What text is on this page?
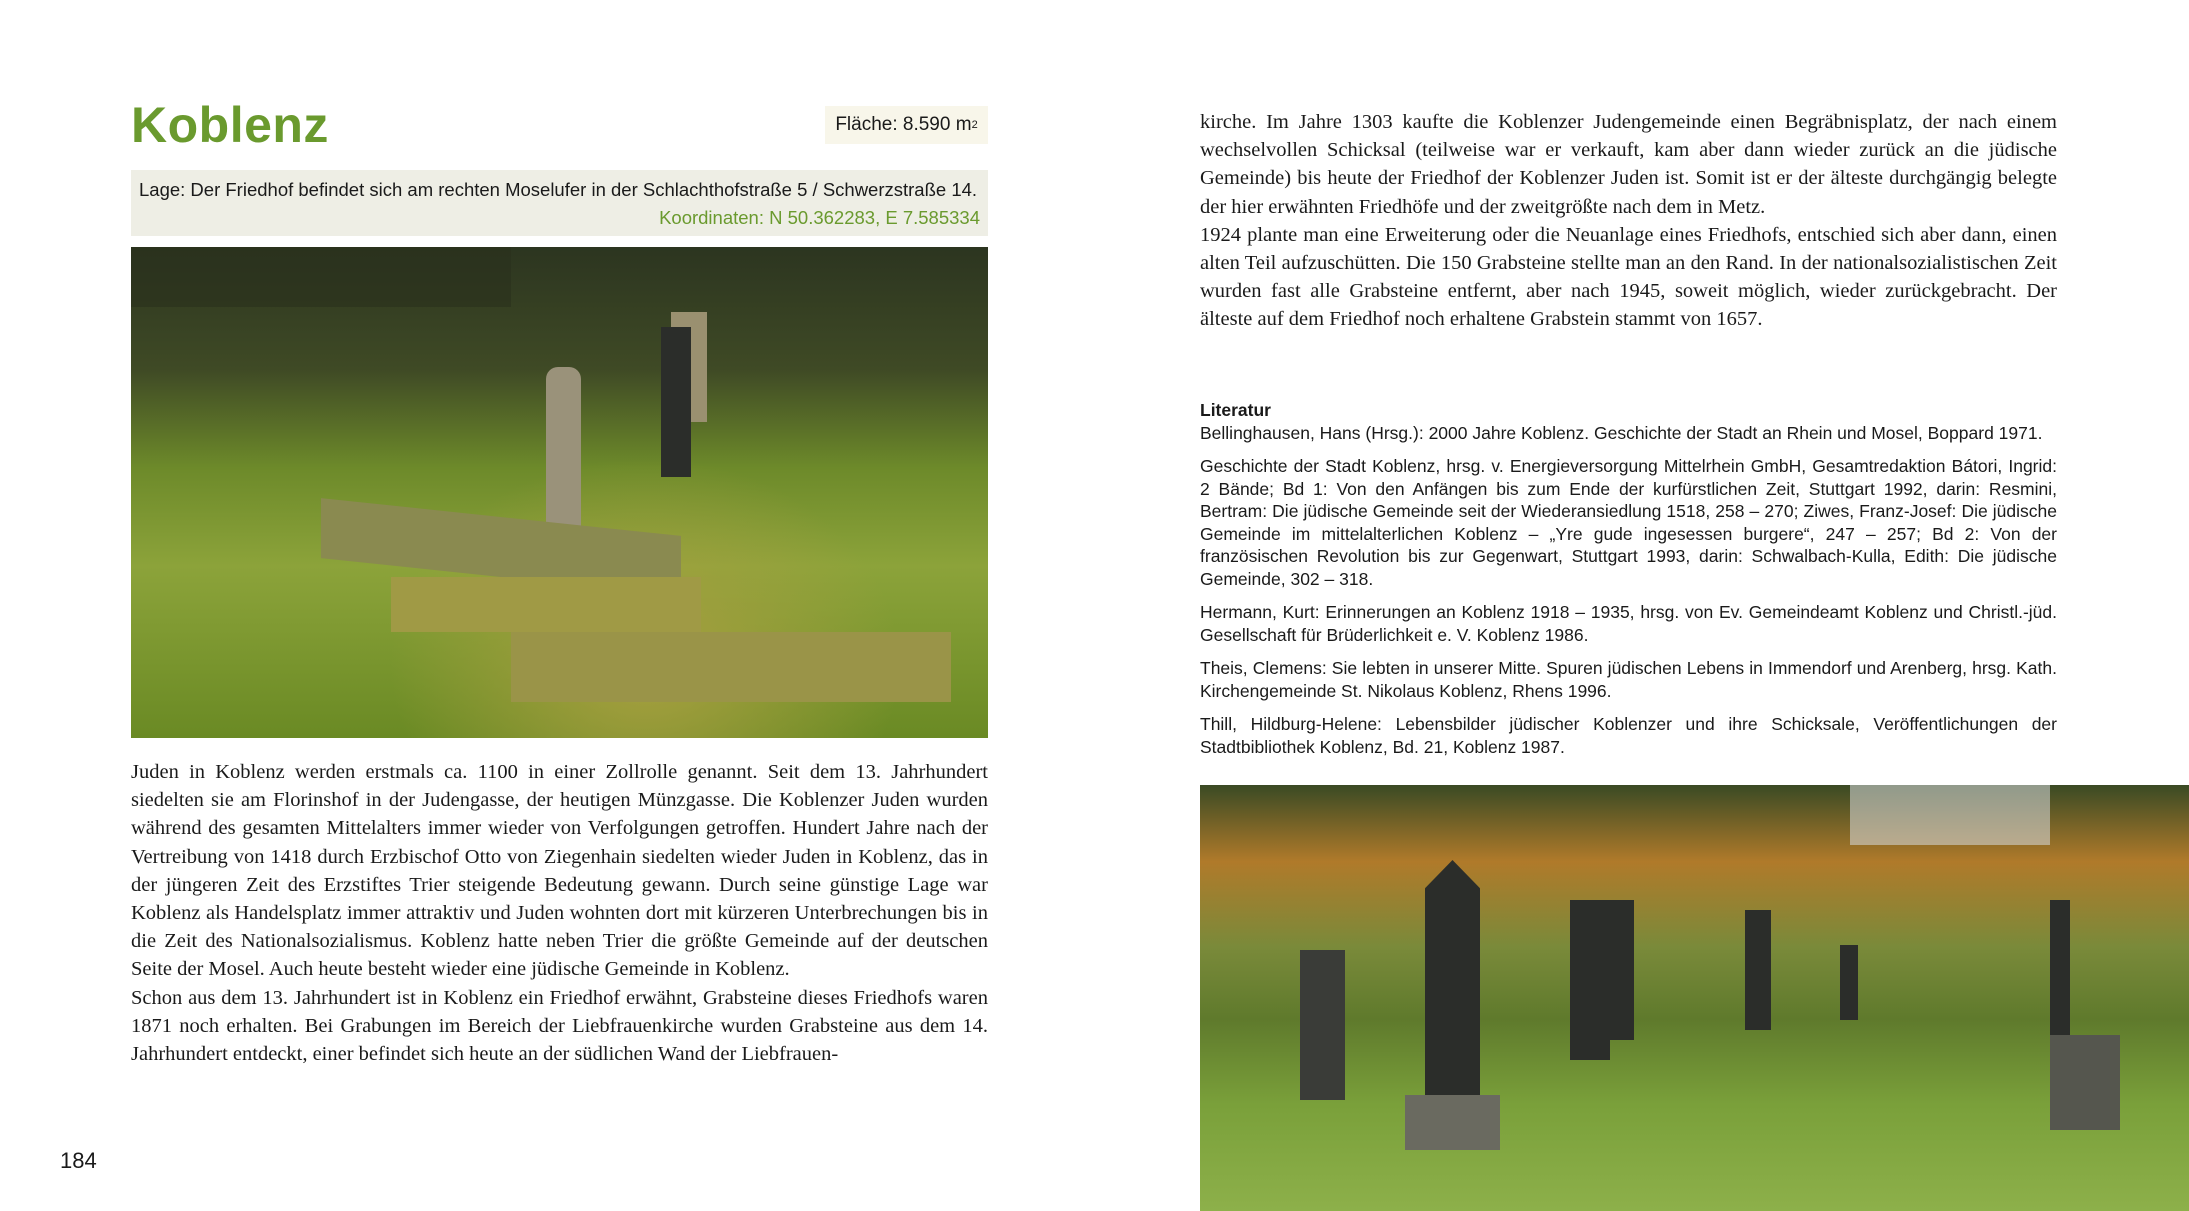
Koblenz	Fläche: 8.590 m 2
Lage: Der Friedhof befindet sich am rechten Moselufer in der Schlachthofstraße 5 / Schwerzstraße 14.
Koordinaten: N 50.362283, E 7.585334

Juden in Koblenz werden erstmals ca. 1100 in einer Zollrolle genannt. Seit dem 13. Jahrhundert siedelten sie am Florinshof in der Judengasse, der heutigen Münzgasse. Die Koblenzer Juden wurden während des gesamten Mittelalters immer wieder von Verfolgungen getroffen. Hundert Jahre nach der Vertreibung von 1418 durch Erzbischof Otto von Ziegenhain siedelten wieder Juden in Koblenz, das in der jüngeren Zeit des Erzstiftes Trier steigende Bedeutung gewann. Durch seine günstige Lage war Koblenz als Handelsplatz immer attraktiv und Juden wohnten dort mit kürzeren Unterbrechungen bis in die Zeit des Nationalsozialismus. Koblenz hatte neben Trier die größte Gemeinde auf der deutschen Seite der Mosel. Auch heute besteht wieder eine jüdische Gemeinde in Koblenz.

Schon aus dem 13. Jahrhundert ist in Koblenz ein Friedhof erwähnt, Grabsteine dieses Friedhofs waren 1871 noch erhalten. Bei Grabungen im Bereich der Liebfrauenkirche wurden Grabsteine aus dem 14. Jahrhundert entdeckt, einer befindet sich heute an der südlichen Wand der Liebfrauen-

184

kirche. Im Jahre 1303 kaufte die Koblenzer Judengemeinde einen Begräbnisplatz, der nach einem wechselvollen Schicksal (teilweise war er verkauft, kam aber dann wieder zurück an die jüdische Gemeinde) bis heute der Friedhof der Koblenzer Juden ist. Somit ist er der älteste durchgängig belegte der hier erwähnten Friedhöfe und der zweitgrößte nach dem in Metz.

1924 plante man eine Erweiterung oder die Neuanlage eines Friedhofs, entschied sich aber dann, einen alten Teil aufzuschütten. Die 150 Grabsteine stellte man an den Rand. In der nationalsozialistischen Zeit wurden fast alle Grabsteine entfernt, aber nach 1945, soweit möglich, wieder zurückgebracht. Der älteste auf dem Friedhof noch erhaltene Grabstein stammt von 1657.

Literatur

Bellinghausen, Hans (Hrsg.): 2000 Jahre Koblenz. Geschichte der Stadt an Rhein und Mosel, Boppard 1971.

Geschichte der Stadt Koblenz, hrsg. v. Energieversorgung Mittelrhein GmbH, Gesamtredaktion Bátori, Ingrid: 2 Bände; Bd 1: Von den Anfängen bis zum Ende der kurfürstlichen Zeit, Stuttgart 1992, darin: Resmini, Bertram: Die jüdische Gemeinde seit der Wiederansiedlung 1518, 258 – 270; Ziwes, Franz-Josef: Die jüdische Gemeinde im mittelalterlichen Koblenz – „Yre gude ingesessen burgere“, 247 – 257; Bd 2: Von der französischen Revolution bis zur Gegenwart, Stuttgart 1993, darin: Schwalbach-Kulla, Edith: Die jüdische Gemeinde, 302 – 318.

Hermann, Kurt: Erinnerungen an Koblenz 1918 – 1935, hrsg. von Ev. Gemeindeamt Koblenz und Christl.-jüd. Gesellschaft für Brüderlichkeit e. V. Koblenz 1986.

Theis, Clemens: Sie lebten in unserer Mitte. Spuren jüdischen Lebens in Immendorf und Arenberg, hrsg. Kath. Kirchengemeinde St. Nikolaus Koblenz, Rhens 1996.

Thill, Hildburg-Helene: Lebensbilder jüdischer Koblenzer und ihre Schicksale, Veröffentlichungen der Stadtbibliothek Koblenz, Bd. 21, Koblenz 1987.
